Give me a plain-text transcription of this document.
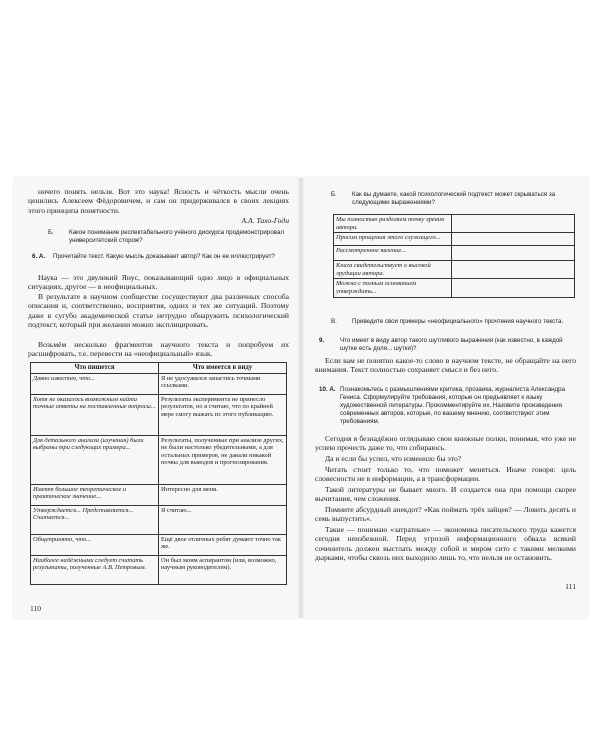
ничего понять нельзя. Вот это наука! Ясность и чёткость мысли очень ценились Алексеем Фёдоровичем, и сам он придерживался в своих лекциях этого принципа понятности.

А.А. Тахо-Годи

Б.	Какое понимание респектабельного учёного дискурса продемонстрировал университетский сторож?
6. А.	Прочитайте текст. Какую мысль доказывает автор? Как он ее иллюстрирует?

Наука — это двуликий Янус, показывающий одно лицо в официальных ситуациях, другое — в неофициальных.

В результате в научном сообществе сосуществуют два различных способа описания и, соответственно, восприятия, одних и тех же ситуаций. Поэтому даже в сугубо академической статье нетрудно обнаружить психологический подтекст, который при желании можно эксплицировать.

Возьмём несколько фрагментов научного текста и попробуем их расшифровать, т.е. перевести на «неофициальный» язык.

Что пишется	Что имеется в виду
Давно известно, что...	Я не удосужился запастись точными ссылками.
Хотя не оказалось возможным найти точные ответы на поставленные вопросы...	Результаты эксперимента не принесло результатов, но я считаю, что по крайней мере смогу выжать из этого публикацию.
Для детального анализа (изучения) были выбраны три следующих примера...	Результаты, полученные при анализе других, не были настолько убедительными, а для остальных примеров, не давали никакой почвы для выводов и прогнозирования.
Имеют большое теоретическое и практическое значение...	Интересно для меня.
Утверждается... Представляется... Считается...	Я считаю...
Общепринято, что...	Ещё двое отличных ребят думают точно так же.
Наиболее надёжными следует считать результаты, полученные А.В. Петровым.	Он был моим аспирантом (или, возможно, научным руководителем).
110
Б.	Как вы думаете, какой психологический подтекст может скрываться за следующими выражениями?
Мы полностью разделяем точку зрения автора.	
Просим прощения этого служащего...	
Рассмотренное явление...	
Книга свидетельствует о высокой эрудиции автора.	
Можно с полным основанием утверждать...	
В.	Приведите свои примеры «неофициального» прочтения научного текста.
9.	Что имеет в виду автор такого шутливого выражения (как известно, в каждой шутке есть доля... шутки)?

Если вам не понятно какое-то слово в научном тексте, не обращайте на него внимания. Текст полностью сохраняет смысл и без него.

10. А. Познакомьтесь с размышлениями критика, прозаика, журналиста Александра Гениса. Сформулируйте требования, которые он предъявляет к языку художественной литературы. Прокомментируйте их. Назовите произведения современных авторов, которые, по вашему мнению, соответствуют этим требованиям.

Сегодня я безнадёжно оглядываю свои книжные полки, понимая, что уже не успею прочесть даже то, что собираюсь.

Да и если бы успел, что изменило бы это?

Читать стоит только то, что поможет меняться. Иначе говоря: цель словесности не в информации, а в трансформации.

Такой литературы не бывает много. И создается она при помощи скорее вычитания, чем сложения.

Помните абсурдный анекдот? «Как поймать трёх зайцев? — Ловить десять и семь выпустить».

Такие — понимаю «затратные» — экономика писательского труда кажется сегодня неизбежной. Перед угрозой информационного обвала всякий сочинитель должен выстлать между собой и миром сито с такими мелкими дырками, чтобы сквозь них выходило лишь то, что нельзя не остановить.

111
